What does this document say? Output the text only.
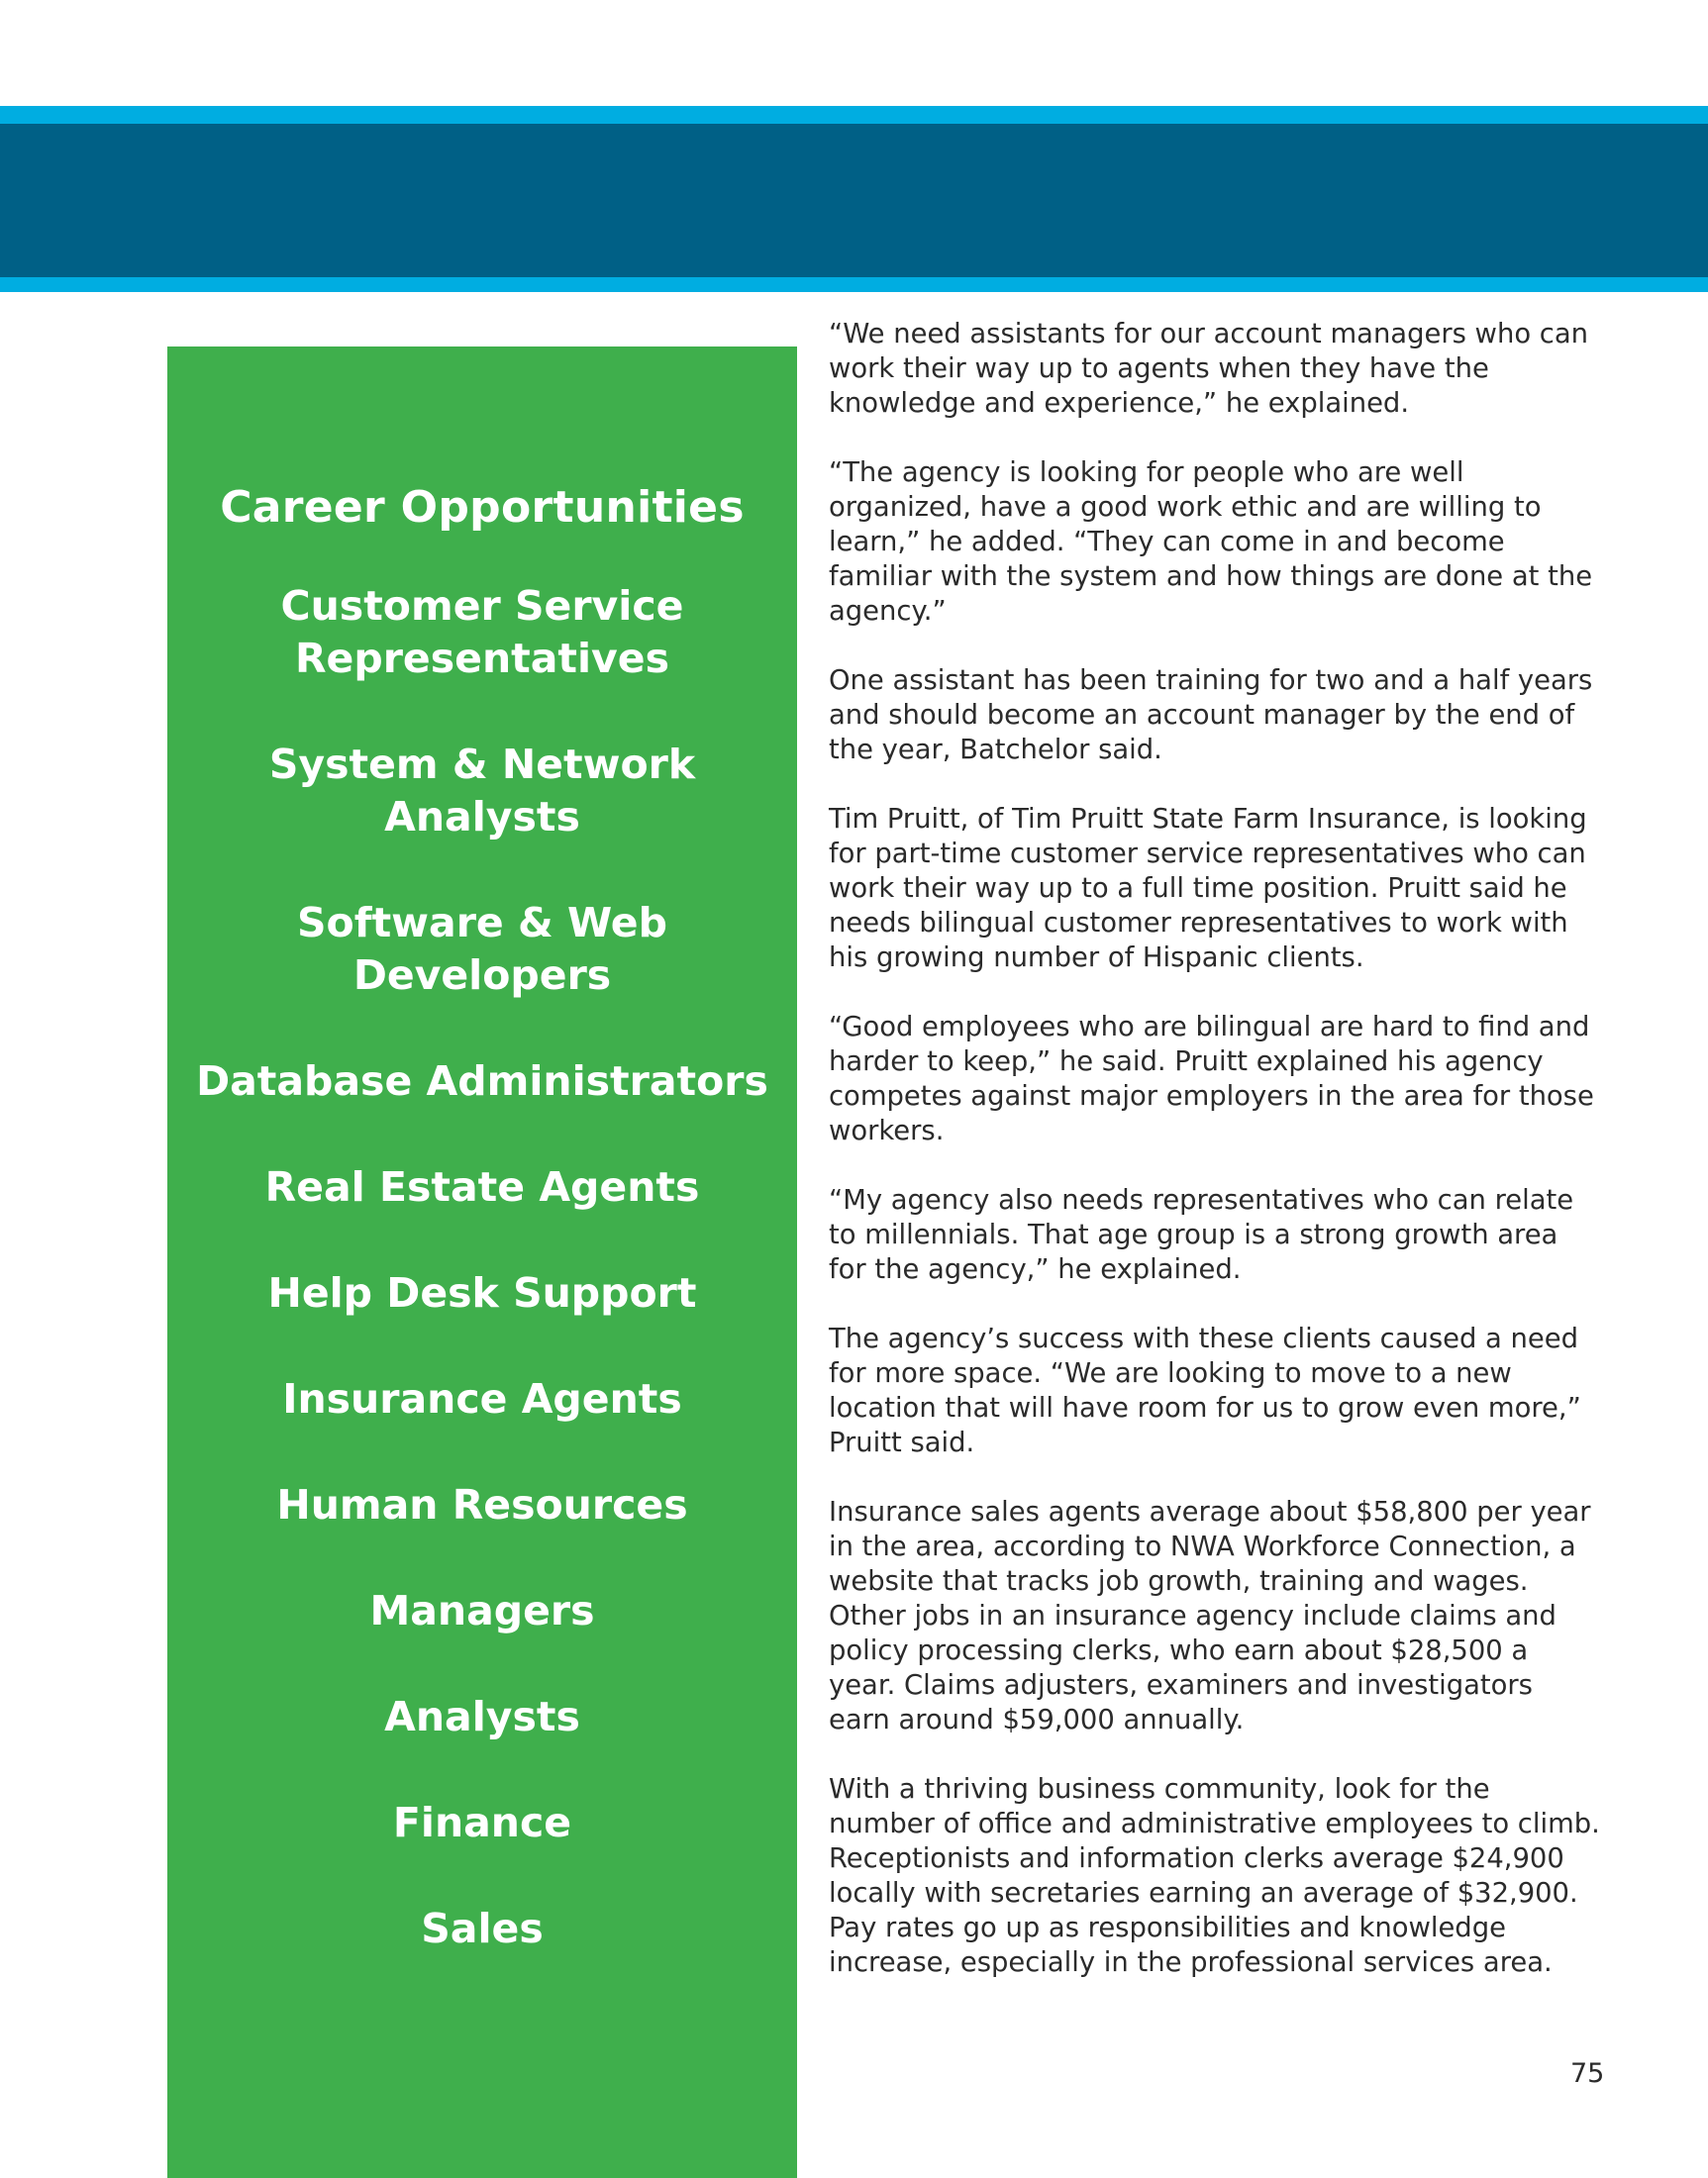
Career Opportunities
Customer Service Representatives
System & Network Analysts
Software & Web Developers
Database Administrators
Real Estate Agents
Help Desk Support
Insurance Agents
Human Resources
Managers
Analysts
Finance
Sales

“We need assistants for our account managers who can work their way up to agents when they have the knowledge and experience,” he explained.

“The agency is looking for people who are well organized, have a good work ethic and are willing to learn,” he added. “They can come in and become familiar with the system and how things are done at the agency.”

One assistant has been training for two and a half years and should become an account manager by the end of the year, Batchelor said.

Tim Pruitt, of Tim Pruitt State Farm Insurance, is looking for part-time customer service representatives who can work their way up to a full time position. Pruitt said he needs bilingual customer representatives to work with his growing number of Hispanic clients.

“Good employees who are bilingual are hard to find and harder to keep,” he said. Pruitt explained his agency competes against major employers in the area for those workers.

“My agency also needs representatives who can relate to millennials. That age group is a strong growth area for the agency,” he explained.

The agency’s success with these clients caused a need for more space. “We are looking to move to a new location that will have room for us to grow even more,” Pruitt said.

Insurance sales agents average about $58,800 per year in the area, according to NWA Workforce Connection, a website that tracks job growth, training and wages. Other jobs in an insurance agency include claims and policy processing clerks, who earn about $28,500 a year. Claims adjusters, examiners and investigators earn around $59,000 annually.

With a thriving business community, look for the number of office and administrative employees to climb. Receptionists and information clerks average $24,900 locally with secretaries earning an average of $32,900. Pay rates go up as responsibilities and knowledge increase, especially in the professional services area.

75
